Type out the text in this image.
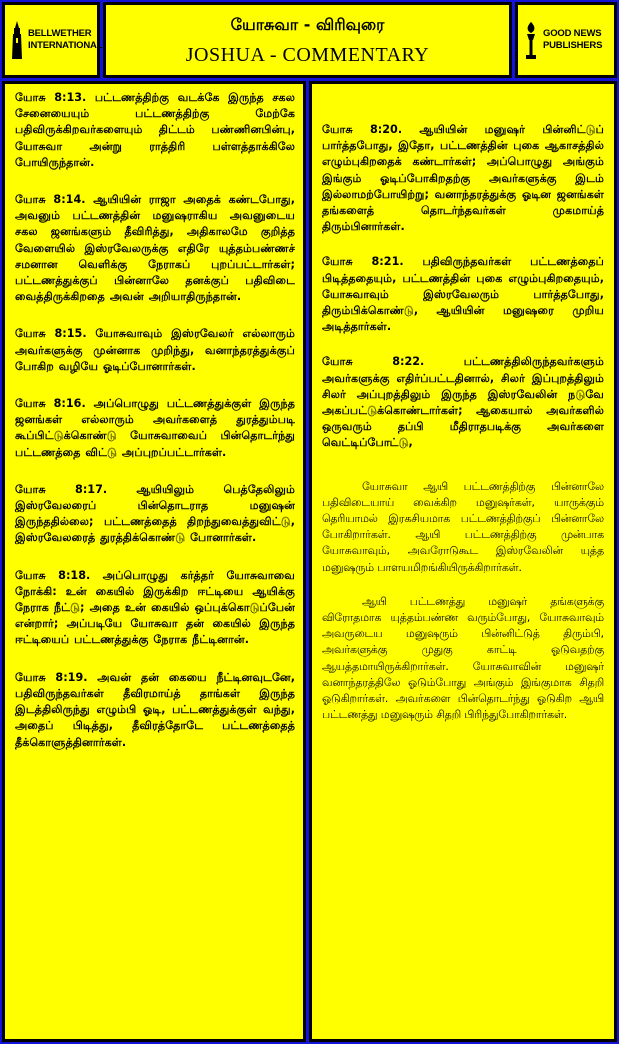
BELLWETHER INTERNATIONAL
யோசுவா - விரிவுரை
JOSHUA - COMMENTARY
GOOD NEWS PUBLISHERS

யோசு 8:13. பட்டணத்திற்கு வடக்கே இருந்த சகல சேனையையும் பட்டணத்திற்கு மேற்கே பதிவிருக்கிறவர்களையும் திட்டம் பண்ணினபின்பு, யோசுவா அன்று ராத்திரி பள்ளத்தாக்கிலே போயிருந்தான்.

யோசு 8:14. ஆயியின் ராஜா அதைக் கண்டபோது, அவனும் பட்டணத்தின் மனுஷராகிய அவனுடைய சகல ஜனங்களும் தீவிரித்து, அதிகாலமே குறித்த வேளையில் இஸ்ரவேலருக்கு எதிரே யுத்தம்பண்ணச் சமனான வெளிக்கு நேராகப் புறப்பட்டார்கள்; பட்டணத்துக்குப் பின்னாலே தனக்குப் பதிவிடை வைத்திருக்கிறதை அவன் அறியாதிருந்தான்.

யோசு 8:15. யோசுவாவும் இஸ்ரவேலர் எல்லாரும் அவர்களுக்கு முன்னாக முறிந்து, வனாந்தரத்துக்குப் போகிற வழியே ஓடிப்போனார்கள்.

யோசு 8:16. அப்பொழுது பட்டணத்துக்குள் இருந்த ஜனங்கள் எல்லாரும் அவர்களைத் துரத்தும்படி கூப்பிட்டுக்கொண்டு யோசுவாவைப் பின்தொடர்ந்து பட்டணத்தை விட்டு அப்புறப்பட்டார்கள்.

யோசு 8:17. ஆயியிலும் பெத்தேலிலும் இஸ்ரவேலரைப் பின்தொடராத மனுஷன் இருந்ததில்லை; பட்டணத்தைத் திறந்துவைத்துவிட்டு, இஸ்ரவேலரைத் துரத்திக்கொண்டு போனார்கள்.

யோசு 8:18. அப்பொழுது கர்த்தர் யோசுவாவை நோக்கி: உன் கையில் இருக்கிற ஈட்டியை ஆயிக்கு நேராக நீட்டு; அதை உன் கையில் ஒப்புக்கொடுப்பேன் என்றார்; அப்படியே யோசுவா தன் கையில் இருந்த ஈட்டியைப் பட்டணத்துக்கு நேராக நீட்டினான்.

யோசு 8:19. அவன் தன் கையை நீட்டினவுடனே, பதிவிருந்தவர்கள் தீவிரமாய்த் தாங்கள் இருந்த இடத்திலிருந்து எழும்பி ஓடி, பட்டணத்துக்குள் வந்து, அதைப் பிடித்து, தீவிரத்தோடே பட்டணத்தைத் தீக்கொளுத்தினார்கள்.

யோசு 8:20. ஆயியின் மனுஷர் பின்னிட்டுப் பார்த்தபோது, இதோ, பட்டணத்தின் புகை ஆகாசத்தில் எழும்புகிறதைக் கண்டார்கள்; அப்பொழுது அங்கும் இங்கும் ஓடிப்போகிறதற்கு அவர்களுக்கு இடம் இல்லாமற்போயிற்று; வனாந்தரத்துக்கு ஓடின ஜனங்கள் தங்களைத் தொடர்ந்தவர்கள் முகமாய்த் திரும்பினார்கள்.

யோசு 8:21. பதிவிருந்தவர்கள் பட்டணத்தைப் பிடித்ததையும், பட்டணத்தின் புகை எழும்புகிறதையும், யோசுவாவும் இஸ்ரவேலரும் பார்த்தபோது, திரும்பிக்கொண்டு, ஆயியின் மனுஷரை முறிய அடித்தார்கள்.

யோசு 8:22. பட்டணத்திலிருந்தவர்களும் அவர்களுக்கு எதிர்ப்பட்டதினால், சிலர் இப்புறத்திலும் சிலர் அப்புறத்திலும் இருந்த இஸ்ரவேலின் நடுவே அகப்பட்டுக்கொண்டார்கள்; ஆகையால் அவர்களில் ஒருவரும் தப்பி மீதிராதபடிக்கு அவர்களை வெட்டிப்போட்டு,

யோசுவா ஆயி பட்டணத்திற்கு பின்னாலே பதிவிடையாய் வைக்கிற மனுஷர்கள், யாருக்கும் தெரியாமல் இரகசியமாக பட்டணத்திற்குப் பின்னாலே போகிறார்கள். ஆயி பட்டணத்திற்கு முன்பாக யோசுவாவும், அவரோடுகூட இஸ்ரவேலின் யுத்த மனுஷரும் பாளயமிறங்கியிருக்கிறார்கள்.

ஆயி பட்டணத்து மனுஷர் தங்களுக்கு விரோதமாக யுத்தம்பண்ண வரும்போது, யோசுவாவும் அவருடைய மனுஷரும் பின்னிட்டுத் திரும்பி, அவர்களுக்கு முதுகு காட்டி ஓடுவதற்கு ஆயத்தமாயிருக்கிறார்கள். யோசுவாவின் மனுஷர் வனாந்தரத்திலே ஓடும்போது அங்கும் இங்குமாக சிதறி ஓடுகிறார்கள். அவர்களை பின்தொடர்ந்து ஓடுகிற ஆயி பட்டணத்து மனுஷரும் சிதறி பிரிந்துபோகிறார்கள்.
